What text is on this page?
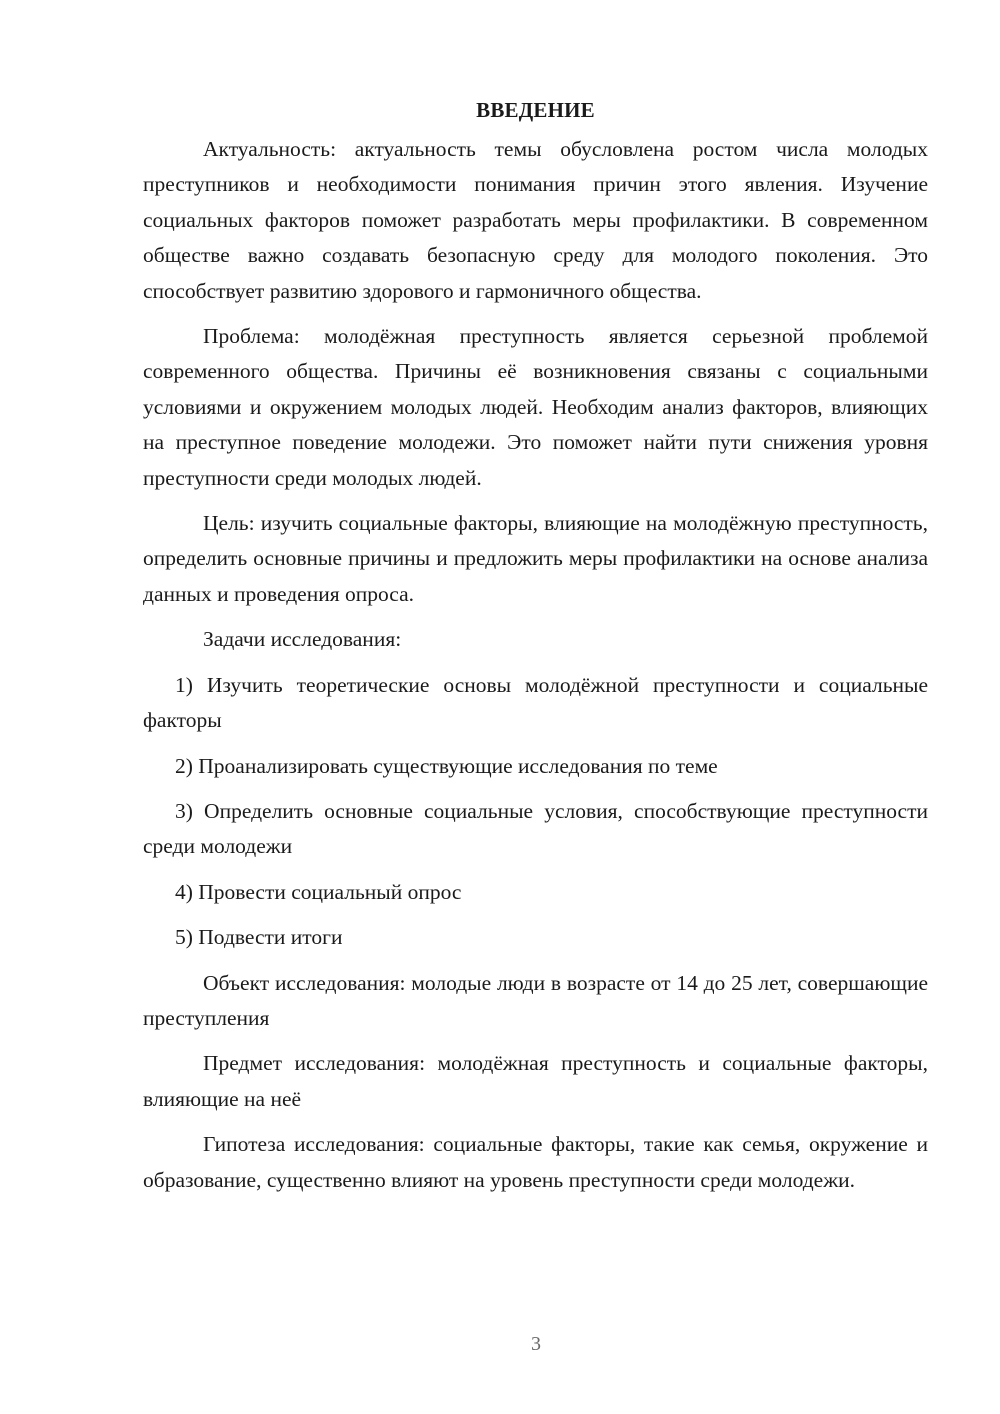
ВВЕДЕНИЕ

Актуальность: актуальность темы обусловлена ростом числа молодых преступников и необходимости понимания причин этого явления. Изучение социальных факторов поможет разработать меры профилактики. В современном обществе важно создавать безопасную среду для молодого поколения. Это способствует развитию здорового и гармоничного общества.

Проблема: молодёжная преступность является серьезной проблемой современного общества. Причины её возникновения связаны с социальными условиями и окружением молодых людей. Необходим анализ факторов, влияющих на преступное поведение молодежи. Это поможет найти пути снижения уровня преступности среди молодых людей.

Цель: изучить социальные факторы, влияющие на молодёжную преступность, определить основные причины и предложить меры профилактики на основе анализа данных и проведения опроса.

Задачи исследования:

1) Изучить теоретические основы молодёжной преступности и социальные факторы

2) Проанализировать существующие исследования по теме

3) Определить основные социальные условия, способствующие преступности среди молодежи

4) Провести социальный опрос

5) Подвести итоги

Объект исследования: молодые люди в возрасте от 14 до 25 лет, совершающие преступления

Предмет исследования: молодёжная преступность и социальные факторы, влияющие на неё

Гипотеза исследования: социальные факторы, такие как семья, окружение и образование, существенно влияют на уровень преступности среди молодежи.

3
